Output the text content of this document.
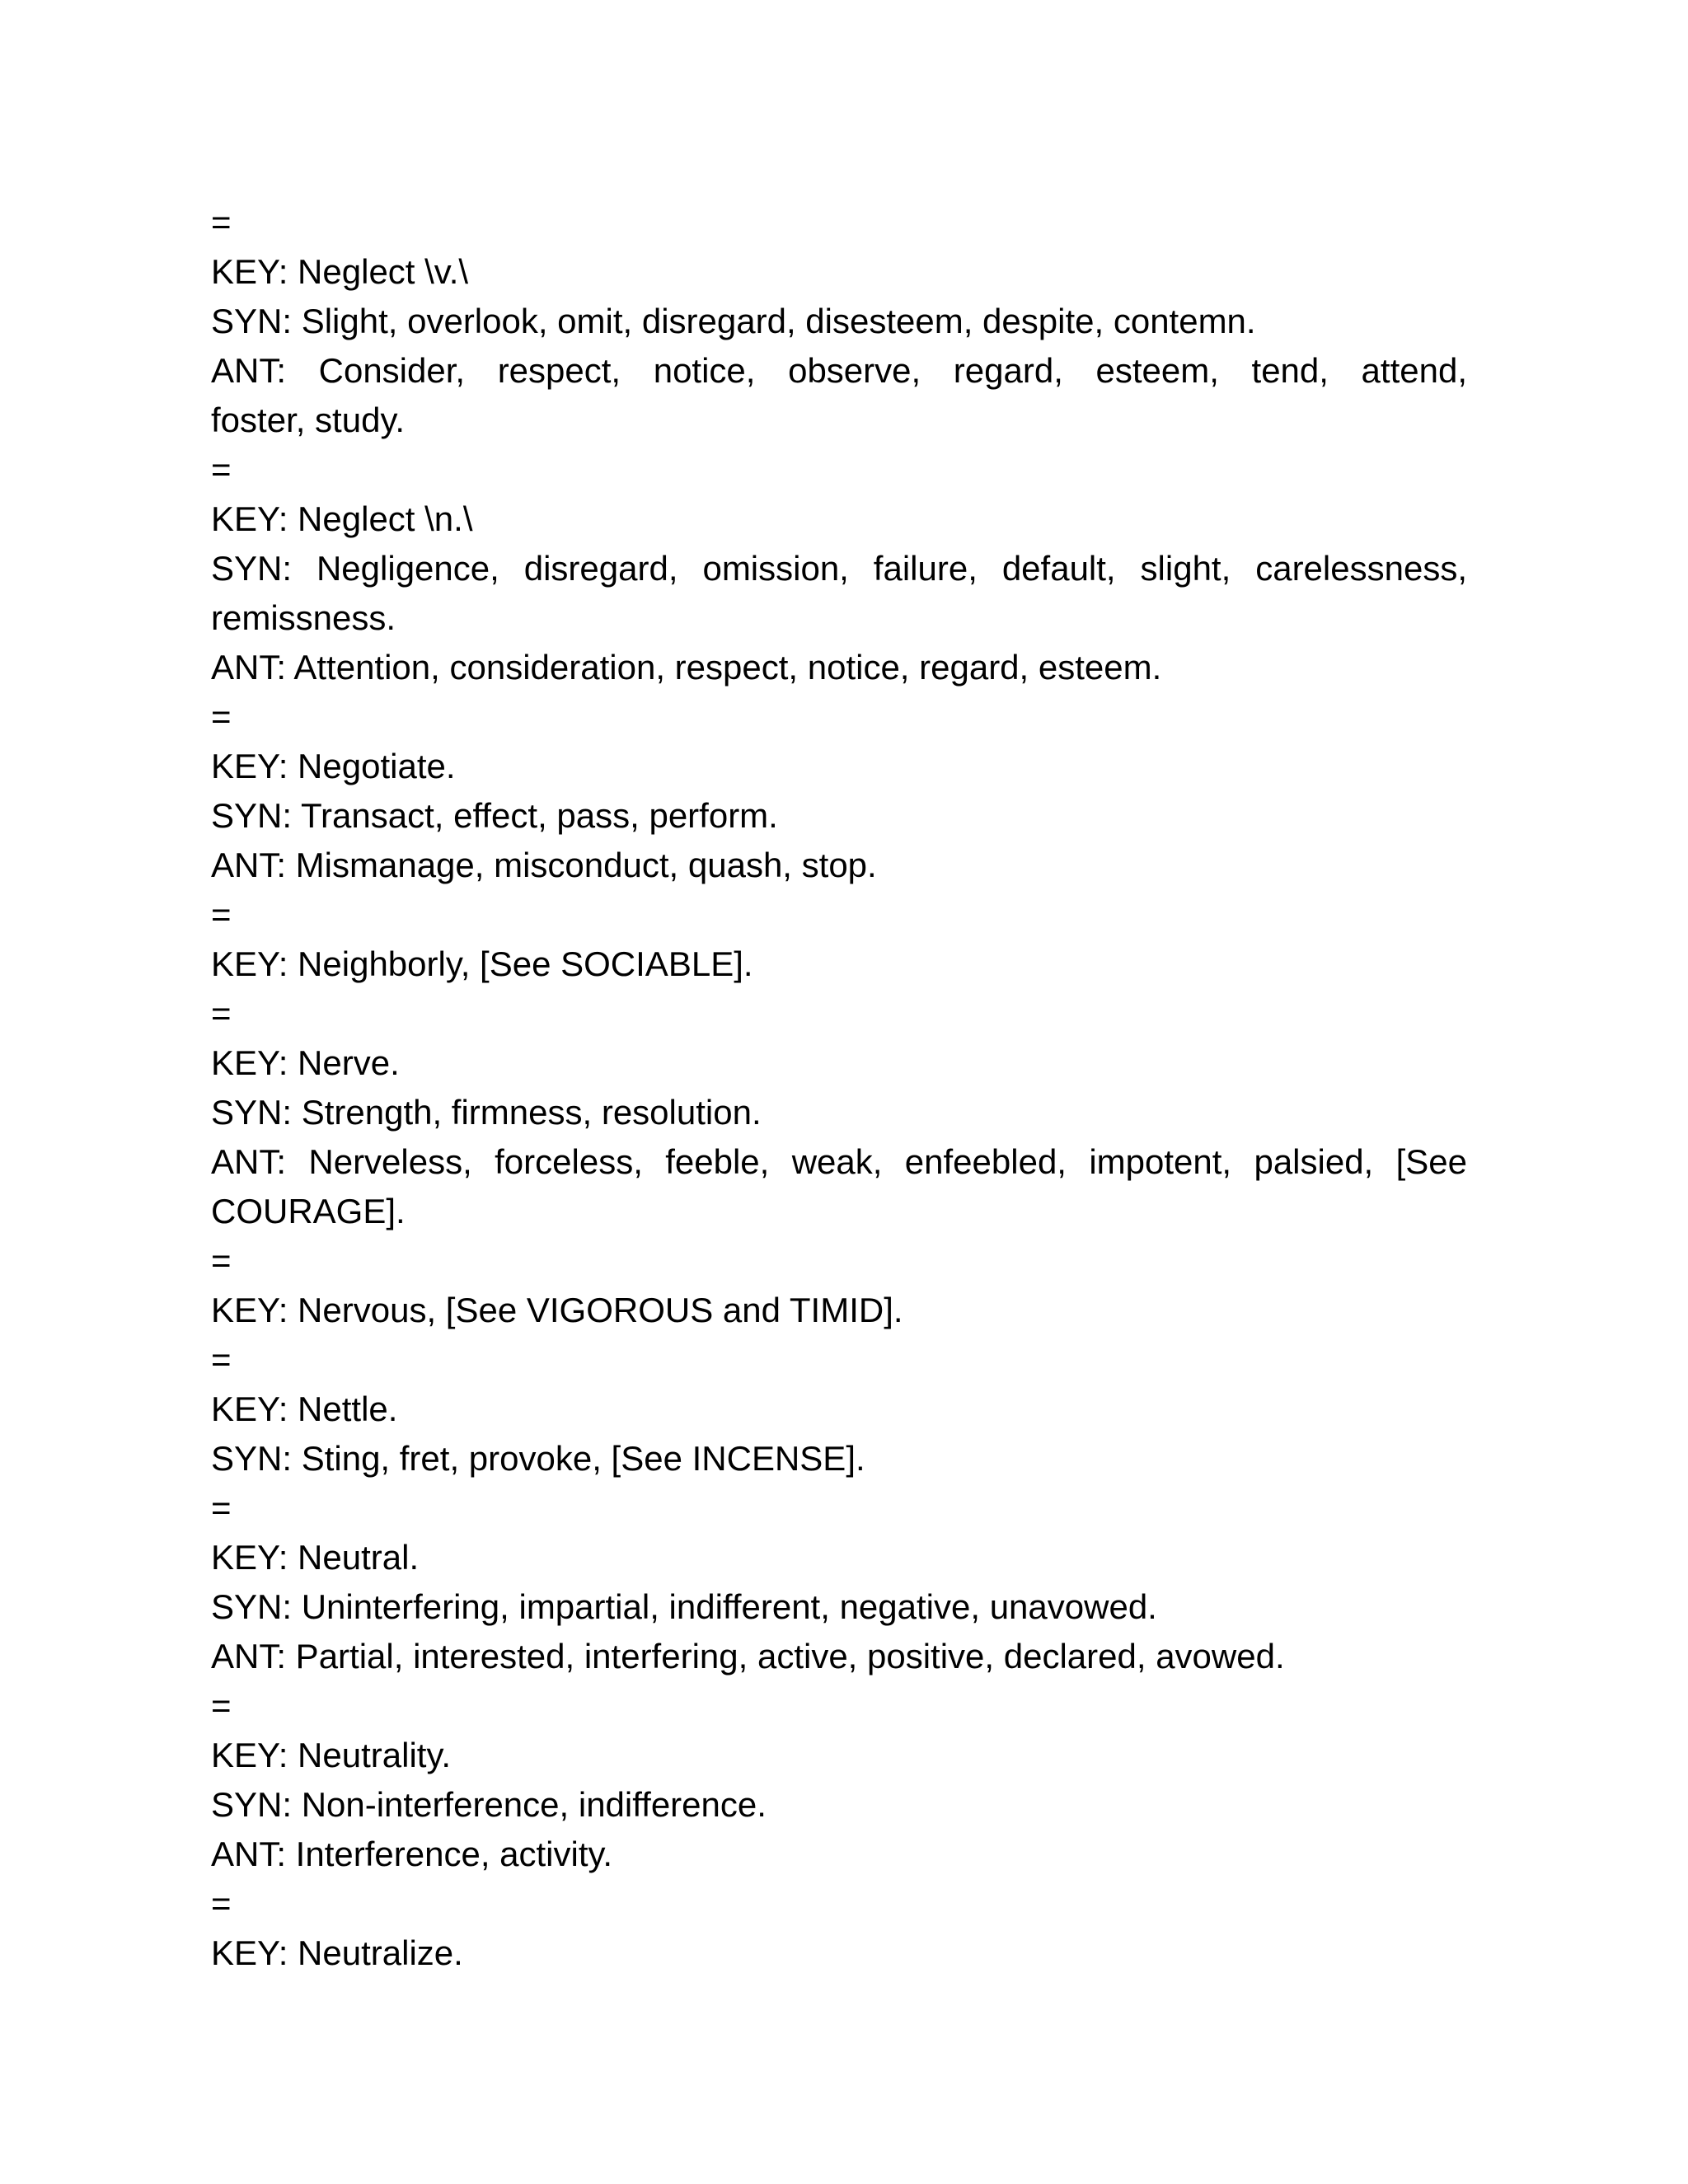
=
KEY: Neglect \v.\
SYN: Slight, overlook, omit, disregard, disesteem, despite, contemn.
ANT: Consider, respect, notice, observe, regard, esteem, tend, attend,
foster, study.
=
KEY: Neglect \n.\
SYN: Negligence, disregard, omission, failure, default, slight, carelessness,
remissness.
ANT: Attention, consideration, respect, notice, regard, esteem.
=
KEY: Negotiate.
SYN: Transact, effect, pass, perform.
ANT: Mismanage, misconduct, quash, stop.
=
KEY: Neighborly, [See SOCIABLE].
=
KEY: Nerve.
SYN: Strength, firmness, resolution.
ANT: Nerveless, forceless, feeble, weak, enfeebled, impotent, palsied, [See
COURAGE].
=
KEY: Nervous, [See VIGOROUS and TIMID].
=
KEY: Nettle.
SYN: Sting, fret, provoke, [See INCENSE].
=
KEY: Neutral.
SYN: Uninterfering, impartial, indifferent, negative, unavowed.
ANT: Partial, interested, interfering, active, positive, declared, avowed.
=
KEY: Neutrality.
SYN: Non-interference, indifference.
ANT: Interference, activity.
=
KEY: Neutralize.
